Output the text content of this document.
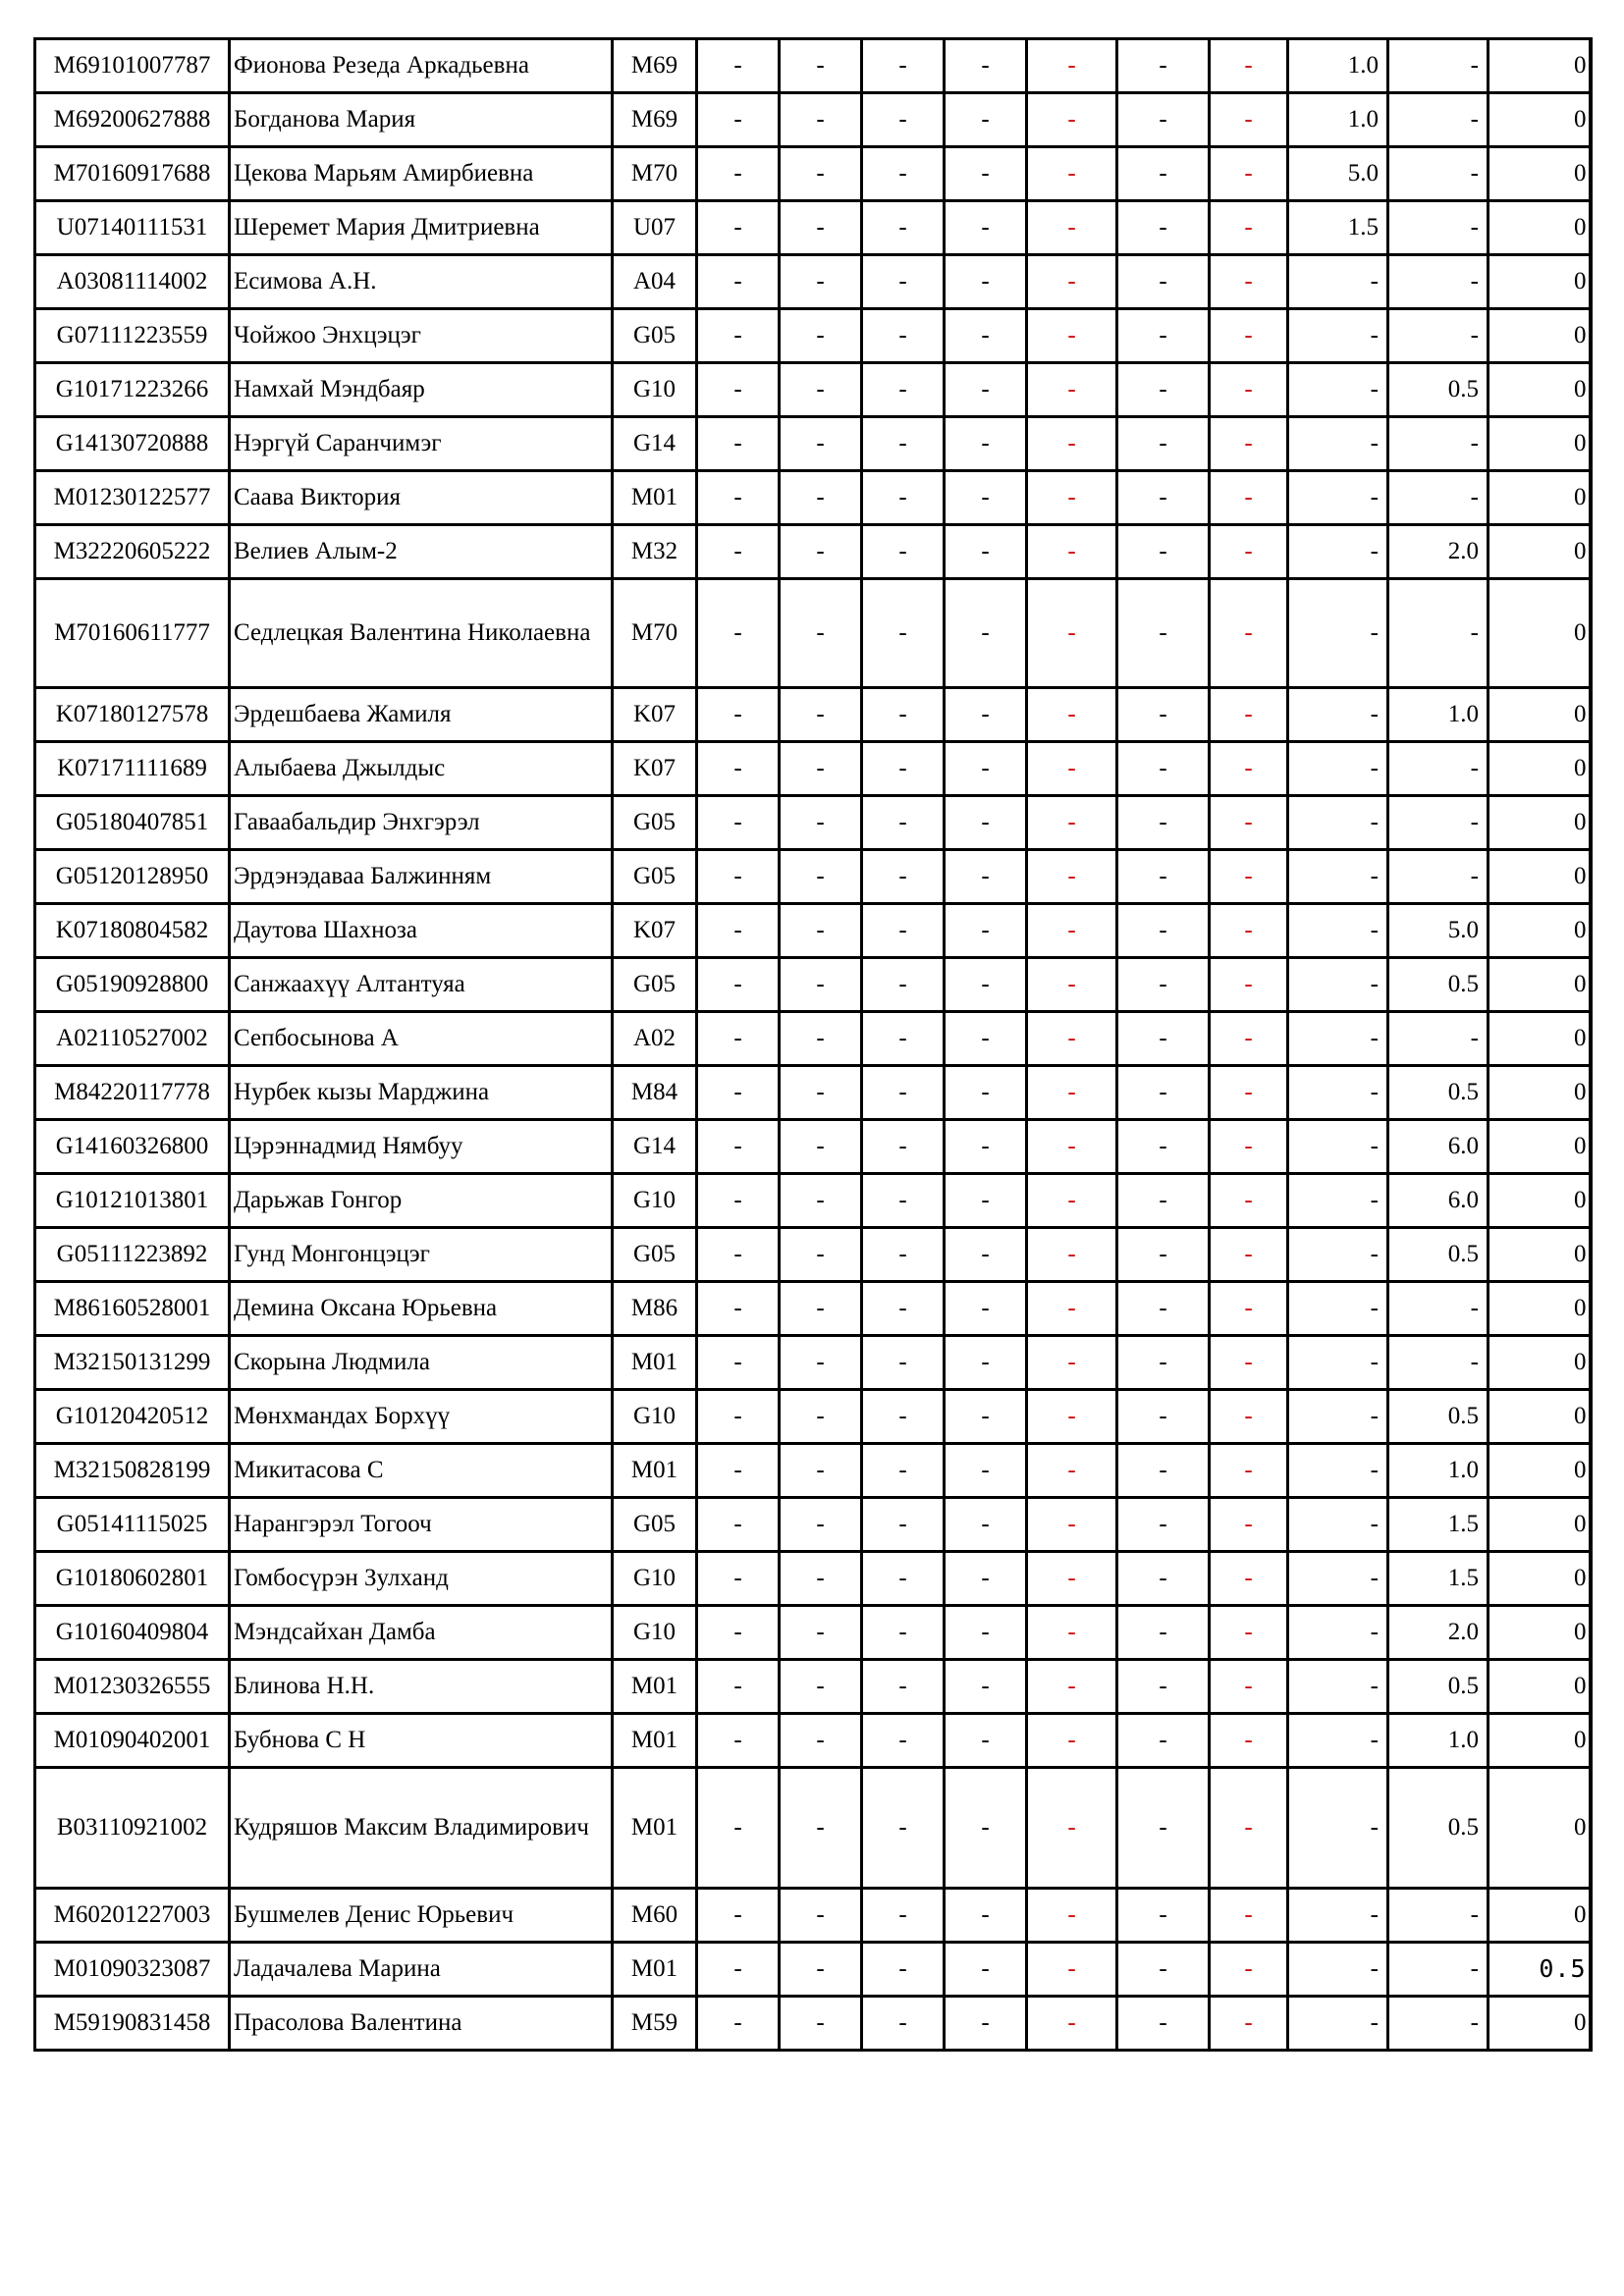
M69101007787	Фионова Резеда Аркадьевна	M69	-	-	-	-	-	-	-	1.0	-	0
M69200627888	Богданова Мария	M69	-	-	-	-	-	-	-	1.0	-	0
M70160917688	Цекова Марьям Амирбиевна	M70	-	-	-	-	-	-	-	5.0	-	0
U07140111531	Шеремет Мария Дмитриевна	U07	-	-	-	-	-	-	-	1.5	-	0
A03081114002	Есимова А.Н.	A04	-	-	-	-	-	-	-	-	-	0
G07111223559	Чойжоо Энхцэцэг	G05	-	-	-	-	-	-	-	-	-	0
G10171223266	Намхай Мэндбаяр	G10	-	-	-	-	-	-	-	-	0.5	0
G14130720888	Нэргүй Саранчимэг	G14	-	-	-	-	-	-	-	-	-	0
M01230122577	Саава Виктория	M01	-	-	-	-	-	-	-	-	-	0
M32220605222	Велиев Алым-2	M32	-	-	-	-	-	-	-	-	2.0	0
M70160611777	Седлецкая Валентина Николаевна	M70	-	-	-	-	-	-	-	-	-	0
K07180127578	Эрдешбаева Жамиля	K07	-	-	-	-	-	-	-	-	1.0	0
K07171111689	Алыбаева Джылдыс	K07	-	-	-	-	-	-	-	-	-	0
G05180407851	Гаваабальдир Энхгэрэл	G05	-	-	-	-	-	-	-	-	-	0
G05120128950	Эрдэнэдаваа Балжинням	G05	-	-	-	-	-	-	-	-	-	0
K07180804582	Даутова Шахноза	K07	-	-	-	-	-	-	-	-	5.0	0
G05190928800	Санжаахүү Алтантуяа	G05	-	-	-	-	-	-	-	-	0.5	0
A02110527002	Сепбосынова А	A02	-	-	-	-	-	-	-	-	-	0
M84220117778	Нурбек кызы Марджина	M84	-	-	-	-	-	-	-	-	0.5	0
G14160326800	Цэрэннадмид Нямбуу	G14	-	-	-	-	-	-	-	-	6.0	0
G10121013801	Дарьжав Гонгор	G10	-	-	-	-	-	-	-	-	6.0	0
G05111223892	Гунд Монгонцэцэг	G05	-	-	-	-	-	-	-	-	0.5	0
M86160528001	Демина Оксана Юрьевна	M86	-	-	-	-	-	-	-	-	-	0
M32150131299	Скорына Людмила	M01	-	-	-	-	-	-	-	-	-	0
G10120420512	Мөнхмандах Борхүү	G10	-	-	-	-	-	-	-	-	0.5	0
M32150828199	Микитасова С	M01	-	-	-	-	-	-	-	-	1.0	0
G05141115025	Нарангэрэл Тогооч	G05	-	-	-	-	-	-	-	-	1.5	0
G10180602801	Гомбосүрэн Зулханд	G10	-	-	-	-	-	-	-	-	1.5	0
G10160409804	Мэндсайхан Дамба	G10	-	-	-	-	-	-	-	-	2.0	0
M01230326555	Блинова Н.Н.	M01	-	-	-	-	-	-	-	-	0.5	0
M01090402001	Бубнова С Н	M01	-	-	-	-	-	-	-	-	1.0	0
B03110921002	Кудряшов Максим Владимирович	M01	-	-	-	-	-	-	-	-	0.5	0
M60201227003	Бушмелев Денис Юрьевич	M60	-	-	-	-	-	-	-	-	-	0
M01090323087	Ладачалева Марина	M01	-	-	-	-	-	-	-	-	-	0.5
M59190831458	Прасолова Валентина	M59	-	-	-	-	-	-	-	-	-	0
